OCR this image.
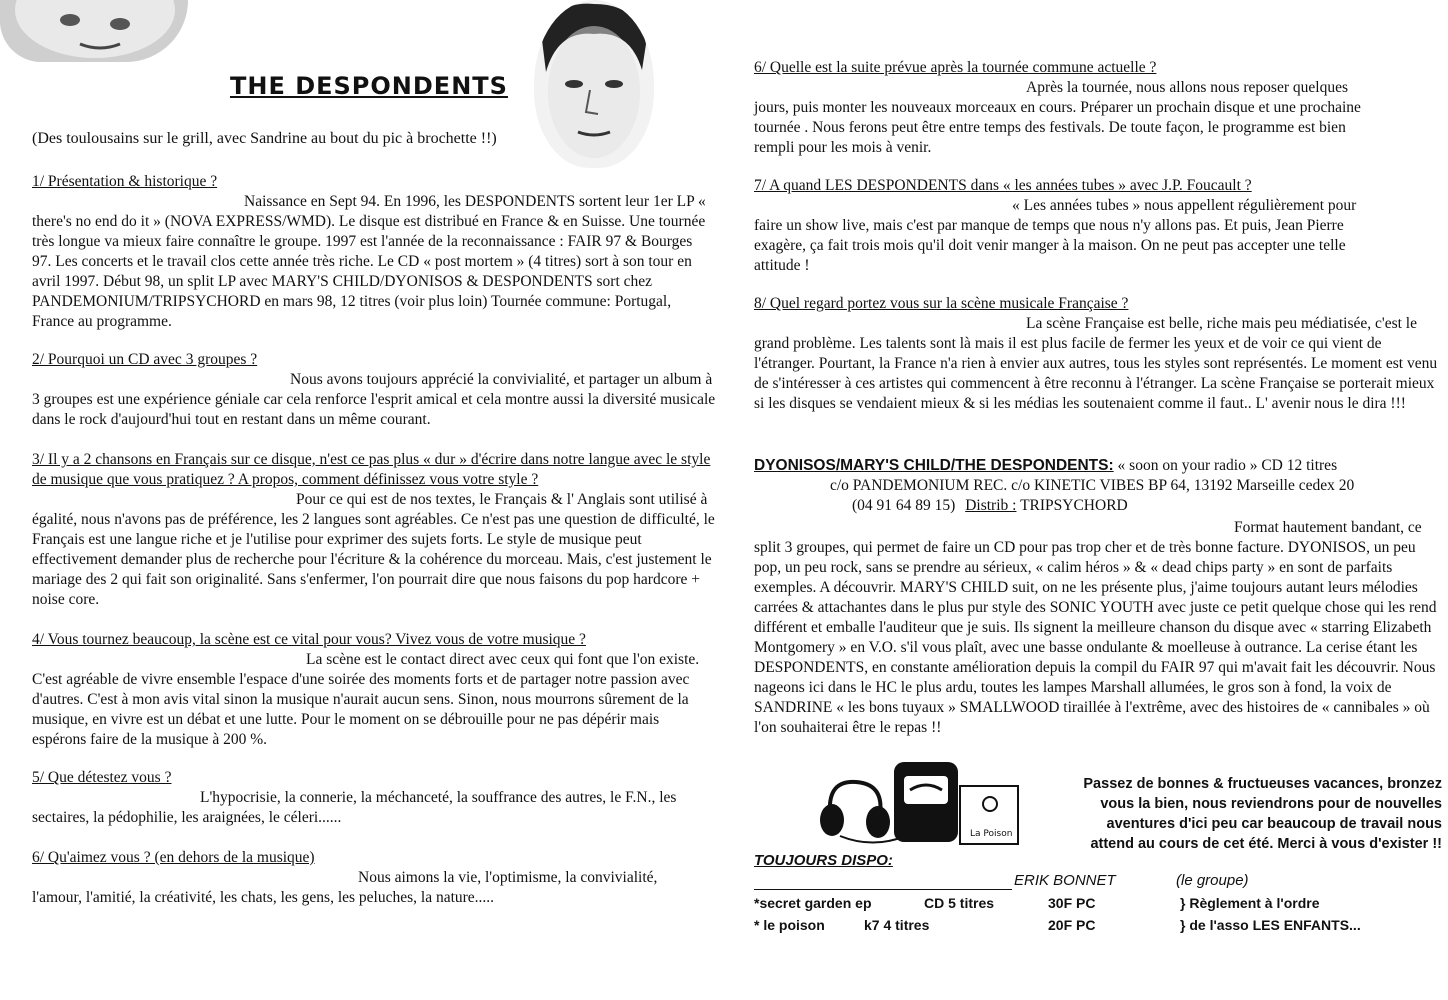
THE DESPONDENTS

(Des toulousains sur le grill, avec Sandrine au bout du pic à brochette !!)

1/ Présentation & historique ?

Naissance en Sept 94. En 1996, les DESPONDENTS sortent leur 1er LP « there's no end do it » (NOVA EXPRESS/WMD). Le disque est distribué en France & en Suisse. Une tournée très longue va mieux faire connaître le groupe. 1997 est l'année de la reconnaissance : FAIR 97 & Bourges 97. Les concerts et le travail clos cette année très riche. Le CD « post mortem » (4 titres) sort à son tour en avril 1997. Début 98, un split LP avec MARY'S CHILD/DYONISOS & DESPONDENTS sort chez PANDEMONIUM/TRIPSYCHORD en mars 98, 12 titres (voir plus loin) Tournée commune: Portugal, France au programme.

2/ Pourquoi un CD avec 3 groupes ?

Nous avons toujours apprécié la convivialité, et partager un album à 3 groupes est une expérience géniale car cela renforce l'esprit amical et cela montre aussi la diversité musicale dans le rock d'aujourd'hui tout en restant dans un même courant.

3/ Il y a 2 chansons en Français sur ce disque, n'est ce pas plus « dur » d'écrire dans notre langue avec le style de musique que vous pratiquez ? A propos, comment définissez vous votre style ?

Pour ce qui est de nos textes, le Français & l' Anglais sont utilisé à égalité, nous n'avons pas de préférence, les 2 langues sont agréables. Ce n'est pas une question de difficulté, le Français est une langue riche et je l'utilise pour exprimer des sujets forts. Le style de musique peut effectivement demander plus de recherche pour l'écriture & la cohérence du morceau. Mais, c'est justement le mariage des 2 qui fait son originalité. Sans s'enfermer, l'on pourrait dire que nous faisons du pop hardcore + noise core.

4/ Vous tournez beaucoup, la scène est ce vital pour vous? Vivez vous de votre musique ?

La scène est le contact direct avec ceux qui font que l'on existe. C'est agréable de vivre ensemble l'espace d'une soirée des moments forts et de partager notre passion avec d'autres. C'est à mon avis vital sinon la musique n'aurait aucun sens. Sinon, nous mourrons sûrement de la musique, en vivre est un débat et une lutte. Pour le moment on se débrouille pour ne pas dépérir mais espérons faire de la musique à 200 %.

5/ Que détestez vous ?

L'hypocrisie, la connerie, la méchanceté, la souffrance des autres, le F.N., les sectaires, la pédophilie, les araignées, le céleri......

6/ Qu'aimez vous ? (en dehors de la musique)

Nous aimons la vie, l'optimisme, la convivialité, l'amour, l'amitié, la créativité, les chats, les gens, les peluches, la nature.....

6/ Quelle est la suite prévue après la tournée commune actuelle ?

Après la tournée, nous allons nous reposer quelques jours, puis monter les nouveaux morceaux en cours. Préparer un prochain disque et une prochaine tournée . Nous ferons peut être entre temps des festivals. De toute façon, le programme est bien rempli pour les mois à venir.

7/ A quand LES DESPONDENTS dans « les années tubes » avec J.P. Foucault ?

« Les années tubes » nous appellent régulièrement pour faire un show live, mais c'est par manque de temps que nous n'y allons pas. Et puis, Jean Pierre exagère, ça fait trois mois qu'il doit venir manger à la maison. On ne peut pas accepter une telle attitude !

8/ Quel regard portez vous sur la scène musicale Française ?

La scène Française est belle, riche mais peu médiatisée, c'est le grand problème. Les talents sont là mais il est plus facile de fermer les yeux et de voir ce qui vient de l'étranger. Pourtant, la France n'a rien à envier aux autres, tous les styles sont représentés. Le moment est venu de s'intéresser à ces artistes qui commencent à être reconnu à l'étranger. La scène Française se porterait mieux si les disques se vendaient mieux & si les médias les soutenaient comme il faut.. L' avenir nous le dira !!!

DYONISOS/MARY'S CHILD/THE DESPONDENTS: « soon on your radio » CD 12 titres

c/o PANDEMONIUM REC. c/o KINETIC VIBES BP 64, 13192 Marseille cedex 20

(04 91 64 89 15) Distrib : TRIPSYCHORD

Format hautement bandant, ce split 3 groupes, qui permet de faire un CD pour pas trop cher et de très bonne facture. DYONISOS, un peu pop, un peu rock, sans se prendre au sérieux, « calim héros » & « dead chips party » en sont de parfaits exemples. A découvrir. MARY'S CHILD suit, on ne les présente plus, j'aime toujours autant leurs mélodies carrées & attachantes dans le plus pur style des SONIC YOUTH avec juste ce petit quelque chose qui les rend différent et emballe l'auditeur que je suis. Ils signent la meilleure chanson du disque avec « starring Elizabeth Montgomery » en V.O. s'il vous plaît, avec une basse ondulante & moelleuse à outrance. La cerise étant les DESPONDENTS, en constante amélioration depuis la compil du FAIR 97 qui m'avait fait les découvrir. Nous nageons ici dans le HC le plus ardu, toutes les lampes Marshall allumées, le gros son à fond, la voix de SANDRINE « les bons tuyaux » SMALLWOOD tiraillée à l'extrême, avec des histoires de « cannibales » où l'on souhaiterai être le repas !!

La Poison

Passez de bonnes & fructueuses vacances, bronzez vous la bien, nous reviendrons pour de nouvelles aventures d'ici peu car beaucoup de travail nous attend au cours de cet été. Merci à vous d'exister !!

TOUJOURS DISPO:

ERIK BONNET	(le groupe)

*secret garden ep
* le poison
CD 5 titres
k7 4 titres
30F PC
20F PC
} Règlement à l'ordre
} de l'asso LES ENFANTS...
